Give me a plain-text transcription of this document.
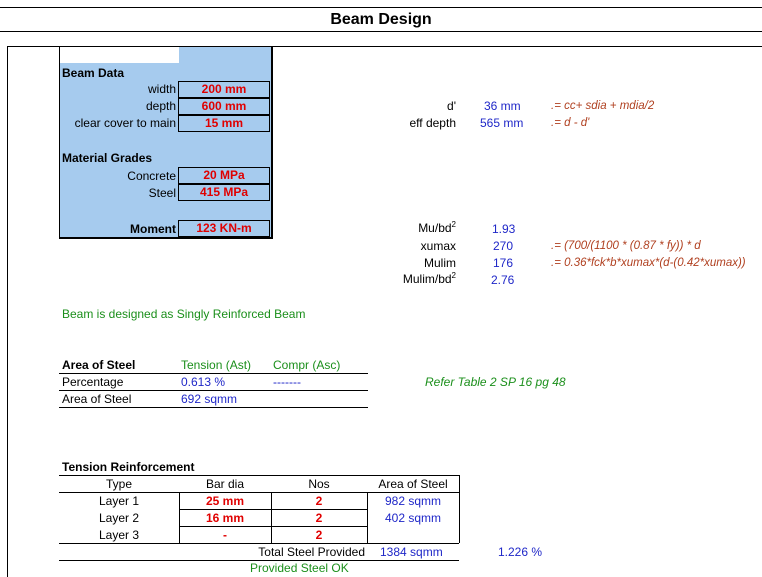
Beam Design
Beam Data
width	200 mm
depth	600 mm
clear cover to main	15 mm
Material Grades
Concrete	20 MPa
Steel	415 MPa
Moment	123 KN-m
d' 36 mm	.= cc+ sdia + mdia/2
eff depth 565 mm .= d - d'
$Mu/bd^2$	1.93
xumax	270	.= (700/(1100 * (0.87 * fy)) * d
Mulim	176	.= 0.36*fck*b*xumax*(d-(0.42*xumax))
Mulim/$bd^2$	2.76
Beam is designed as Singly Reinforced Beam
Area of Steel	Tension (Ast) Compr (Asc)
Percentage	0.613 %	-------
Area of Steel	692 sqmm
Refer Table 2 SP 16 pg 48
Tension Reinforcement
Type	Bar dia	Nos	Area of Steel
Layer 1	25 mm	2	982 sqmm
Layer 2	16 mm	2	402 sqmm
Layer 3	-	2
Total Steel Provided 1384 sqmm	1.226 %
Provided Steel OK
